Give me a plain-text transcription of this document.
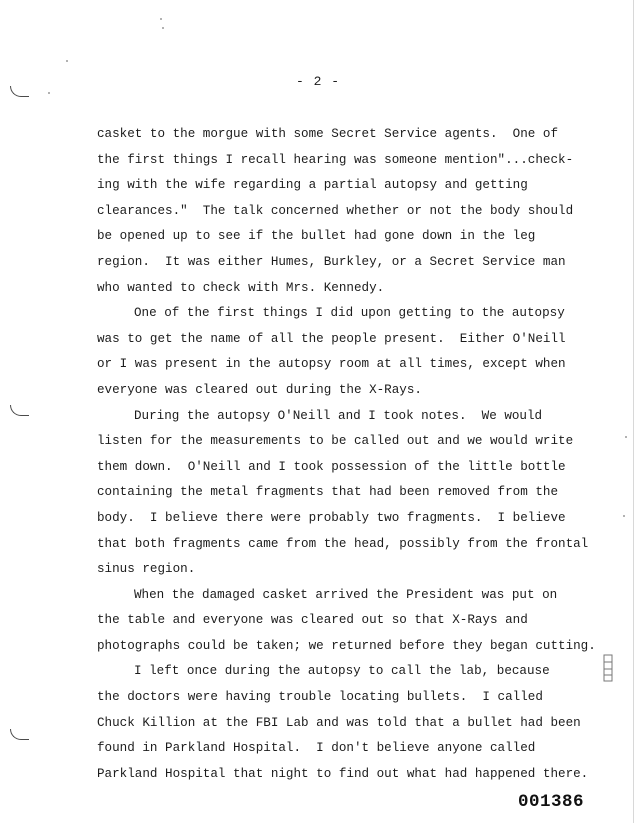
- 2 -
casket to the morgue with some Secret Service agents.  One of
the first things I recall hearing was someone mention"...check-
ing with the wife regarding a partial autopsy and getting
clearances."  The talk concerned whether or not the body should
be opened up to see if the bullet had gone down in the leg
region.  It was either Humes, Burkley, or a Secret Service man
who wanted to check with Mrs. Kennedy.
One of the first things I did upon getting to the autopsy
was to get the name of all the people present.  Either O'Neill
or I was present in the autopsy room at all times, except when
everyone was cleared out during the X-Rays.
During the autopsy O'Neill and I took notes.  We would
listen for the measurements to be called out and we would write
them down.  O'Neill and I took possession of the little bottle
containing the metal fragments that had been removed from the
body.  I believe there were probably two fragments.  I believe
that both fragments came from the head, possibly from the frontal
sinus region.
When the damaged casket arrived the President was put on
the table and everyone was cleared out so that X-Rays and
photographs could be taken; we returned before they began cutting.
I left once during the autopsy to call the lab, because
the doctors were having trouble locating bullets.  I called
Chuck Killion at the FBI Lab and was told that a bullet had been
found in Parkland Hospital.  I don't believe anyone called
Parkland Hospital that night to find out what had happened there.
001386
